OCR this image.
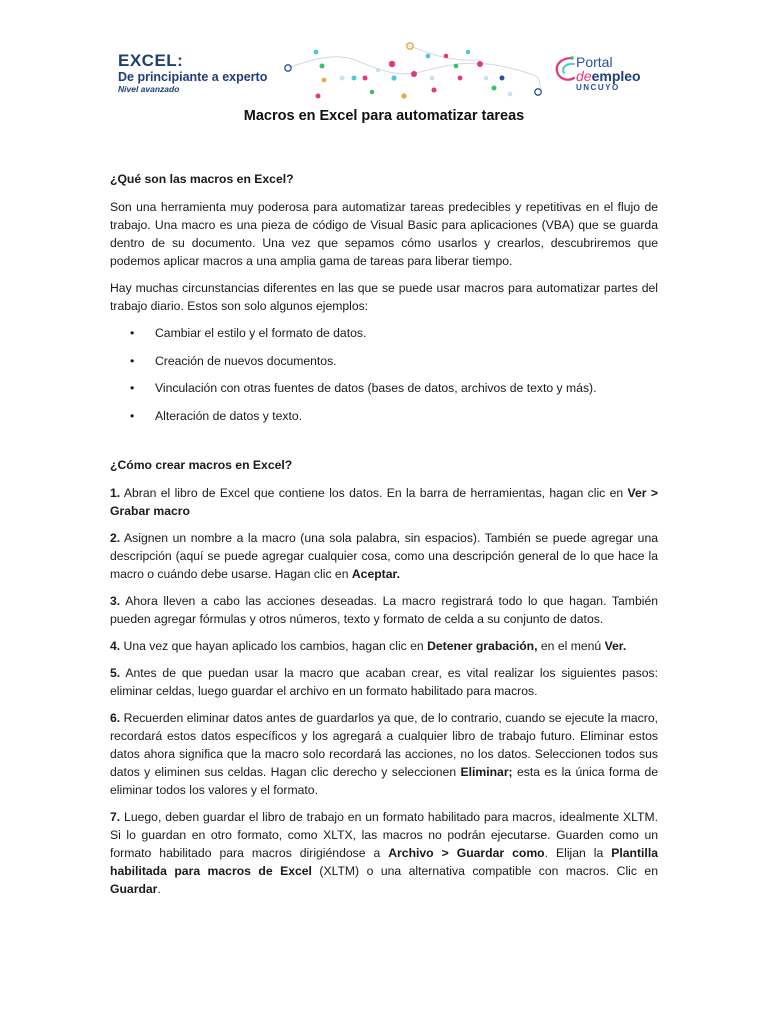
EXCEL:
De principiante a experto
Nivel avanzado
Portal
deempleo
UNCUYO
Macros en Excel para automatizar tareas
¿Qué son las macros en Excel?

Son una herramienta muy poderosa para automatizar tareas predecibles y repetitivas en el flujo de trabajo. Una macro es una pieza de código de Visual Basic para aplicaciones (VBA) que se guarda dentro de su documento. Una vez que sepamos cómo usarlos y crearlos, descubriremos que podemos aplicar macros a una amplia gama de tareas para liberar tiempo.

Hay muchas circunstancias diferentes en las que se puede usar macros para automatizar partes del trabajo diario. Estos son solo algunos ejemplos:

• Cambiar el estilo y el formato de datos.
• Creación de nuevos documentos.
• Vinculación con otras fuentes de datos (bases de datos, archivos de texto y más).
• Alteración de datos y texto.
¿Cómo crear macros en Excel?

1. Abran el libro de Excel que contiene los datos. En la barra de herramientas, hagan clic en Ver > Grabar macro

2. Asignen un nombre a la macro (una sola palabra, sin espacios). También se puede agregar una descripción (aquí se puede agregar cualquier cosa, como una descripción general de lo que hace la macro o cuándo debe usarse. Hagan clic en Aceptar.

3. Ahora lleven a cabo las acciones deseadas. La macro registrará todo lo que hagan. También pueden agregar fórmulas y otros números, texto y formato de celda a su conjunto de datos.

4. Una vez que hayan aplicado los cambios, hagan clic en Detener grabación, en el menú Ver.

5. Antes de que puedan usar la macro que acaban crear, es vital realizar los siguientes pasos: eliminar celdas, luego guardar el archivo en un formato habilitado para macros.

6. Recuerden eliminar datos antes de guardarlos ya que, de lo contrario, cuando se ejecute la macro, recordará estos datos específicos y los agregará a cualquier libro de trabajo futuro. Eliminar estos datos ahora significa que la macro solo recordará las acciones, no los datos. Seleccionen todos sus datos y eliminen sus celdas. Hagan clic derecho y seleccionen Eliminar; esta es la única forma de eliminar todos los valores y el formato.

7. Luego, deben guardar el libro de trabajo en un formato habilitado para macros, idealmente XLTM. Si lo guardan en otro formato, como XLTX, las macros no podrán ejecutarse. Guarden como un formato habilitado para macros dirigiéndose a Archivo > Guardar como. Elijan la Plantilla habilitada para macros de Excel (XLTM) o una alternativa compatible con macros. Clic en Guardar.
